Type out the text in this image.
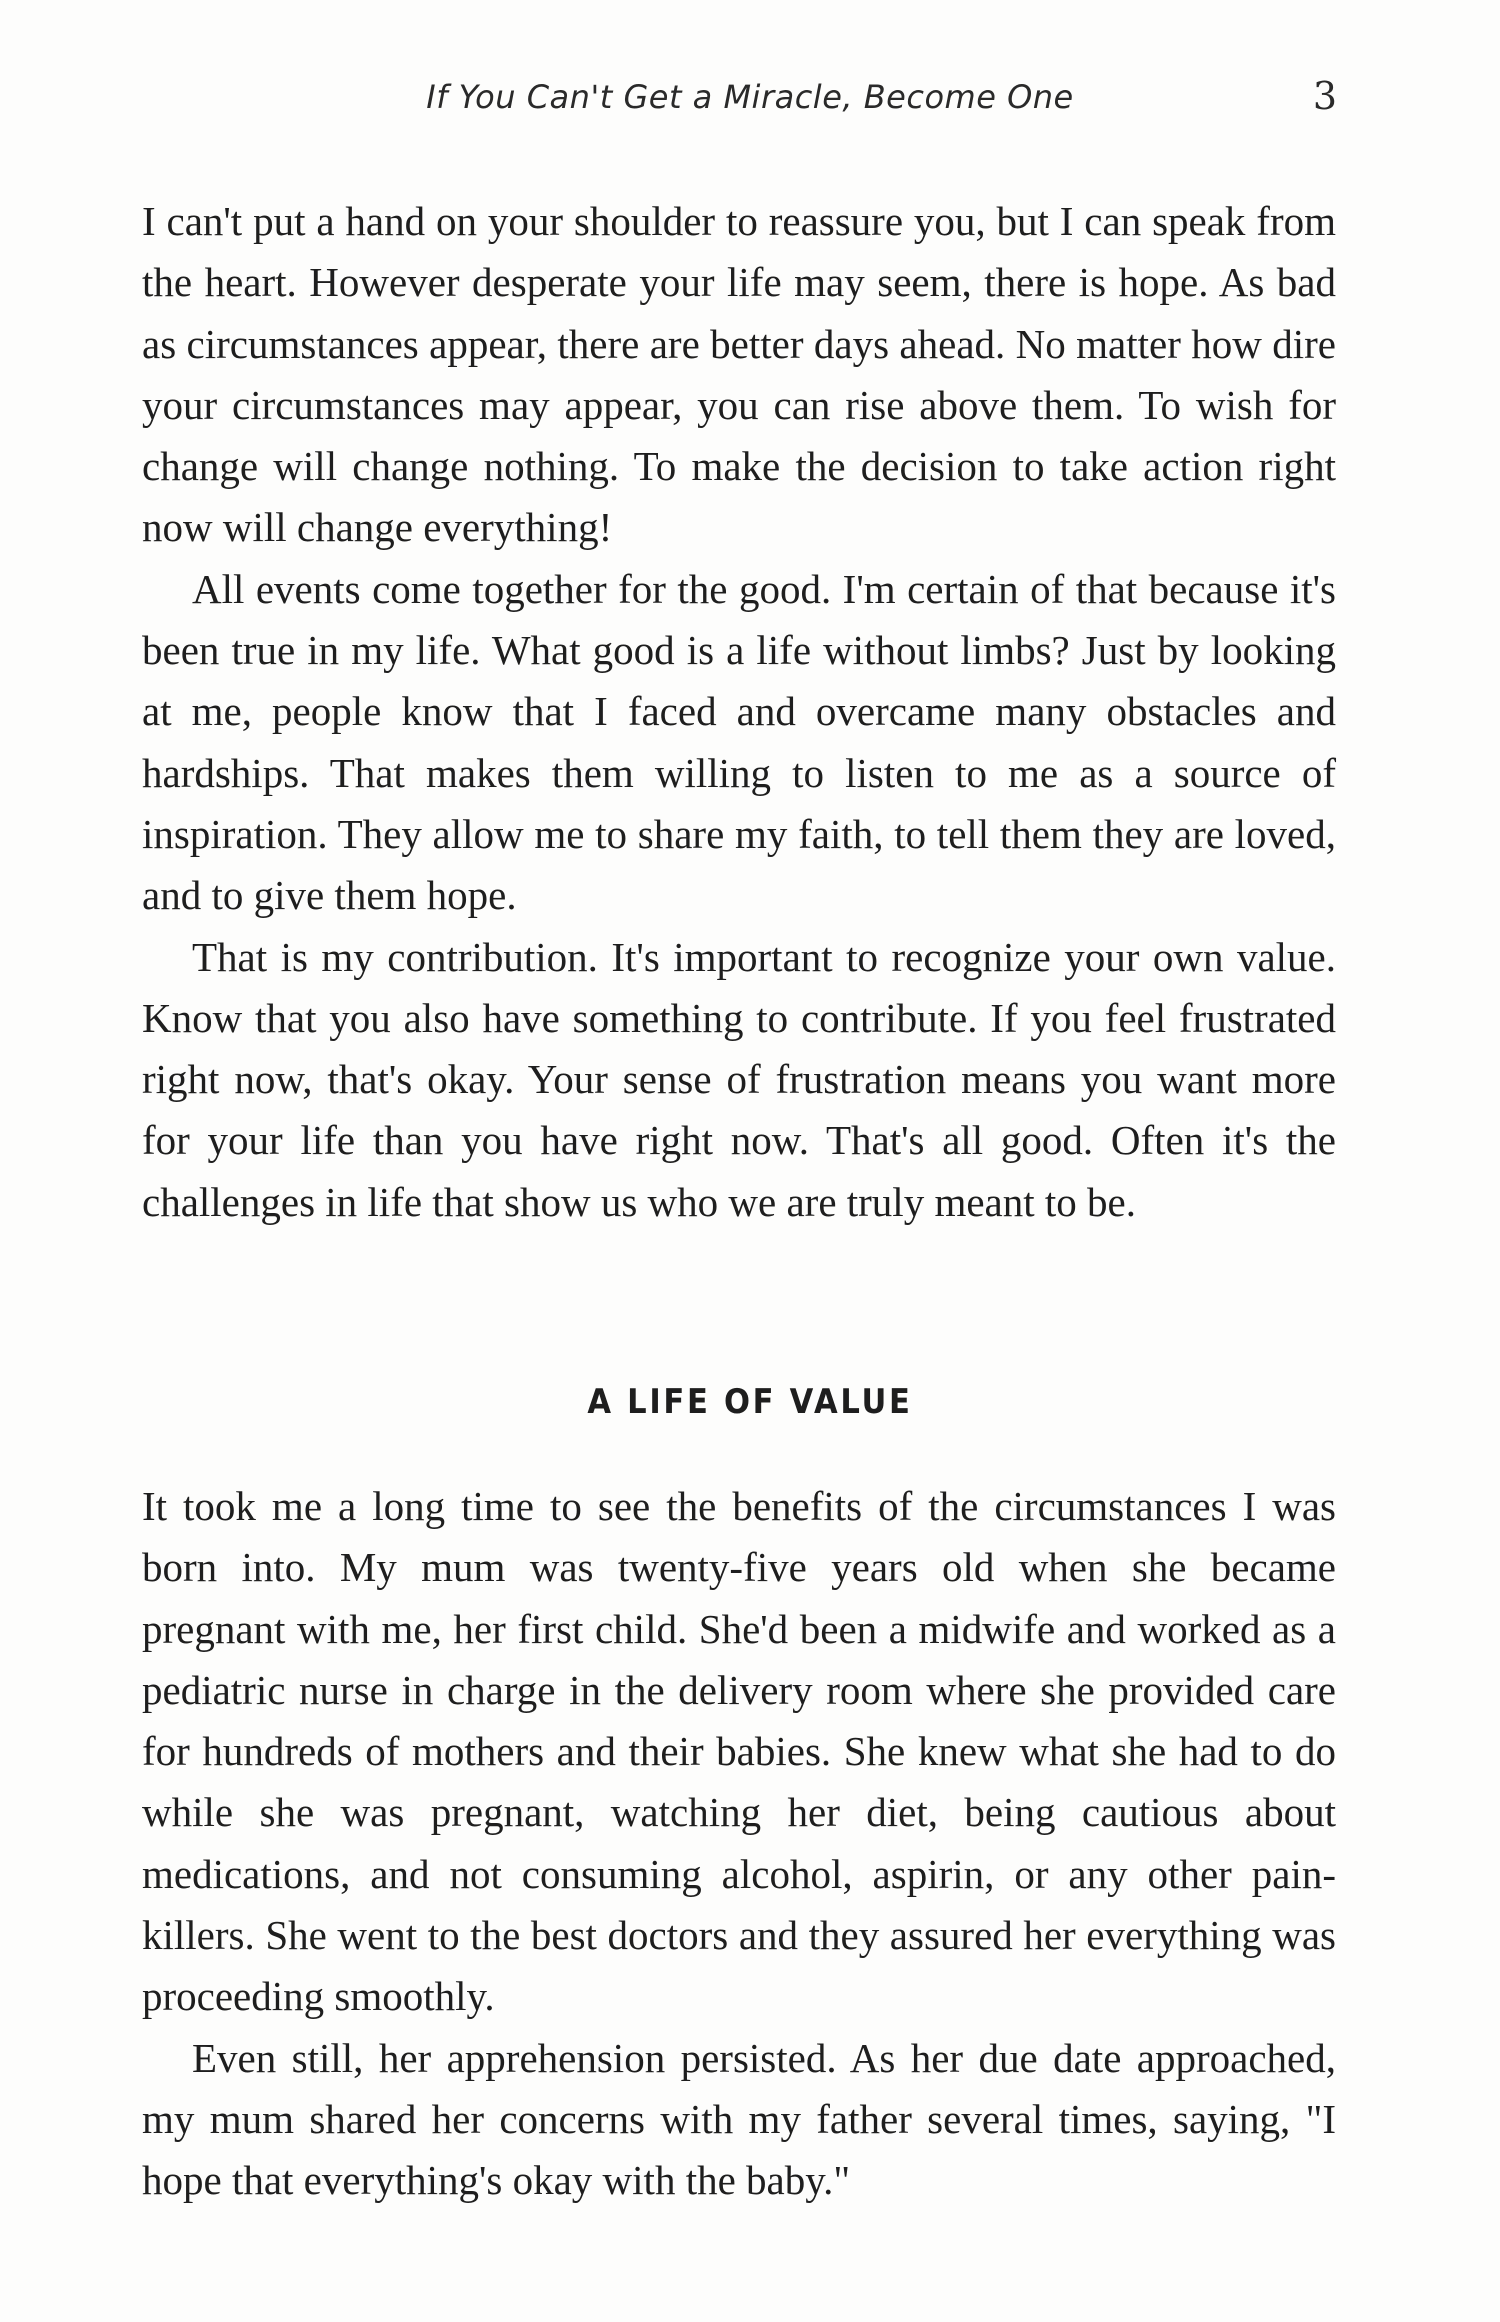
If You Can't Get a Miracle, Become One	3

I can't put a hand on your shoulder to reassure you, but I can speak from the heart. However desperate your life may seem, there is hope. As bad as circumstances appear, there are better days ahead. No matter how dire your circumstances may appear, you can rise above them. To wish for change will change nothing. To make the decision to take action right now will change everything!

All events come together for the good. I'm certain of that because it's been true in my life. What good is a life without limbs? Just by looking at me, people know that I faced and overcame many obstacles and hardships. That makes them willing to listen to me as a source of inspiration. They allow me to share my faith, to tell them they are loved, and to give them hope.

That is my contribution. It's important to recognize your own value. Know that you also have something to contribute. If you feel frustrated right now, that's okay. Your sense of frustration means you want more for your life than you have right now. That's all good. Often it's the challenges in life that show us who we are truly meant to be.

A LIFE OF VALUE

It took me a long time to see the benefits of the circumstances I was born into. My mum was twenty-five years old when she became pregnant with me, her first child. She'd been a midwife and worked as a pediatric nurse in charge in the delivery room where she provided care for hundreds of mothers and their babies. She knew what she had to do while she was pregnant, watching her diet, being cautious about medications, and not consuming alcohol, aspirin, or any other pain-killers. She went to the best doctors and they assured her everything was proceeding smoothly.

Even still, her apprehension persisted. As her due date approached, my mum shared her concerns with my father several times, saying, "I hope that everything's okay with the baby."
